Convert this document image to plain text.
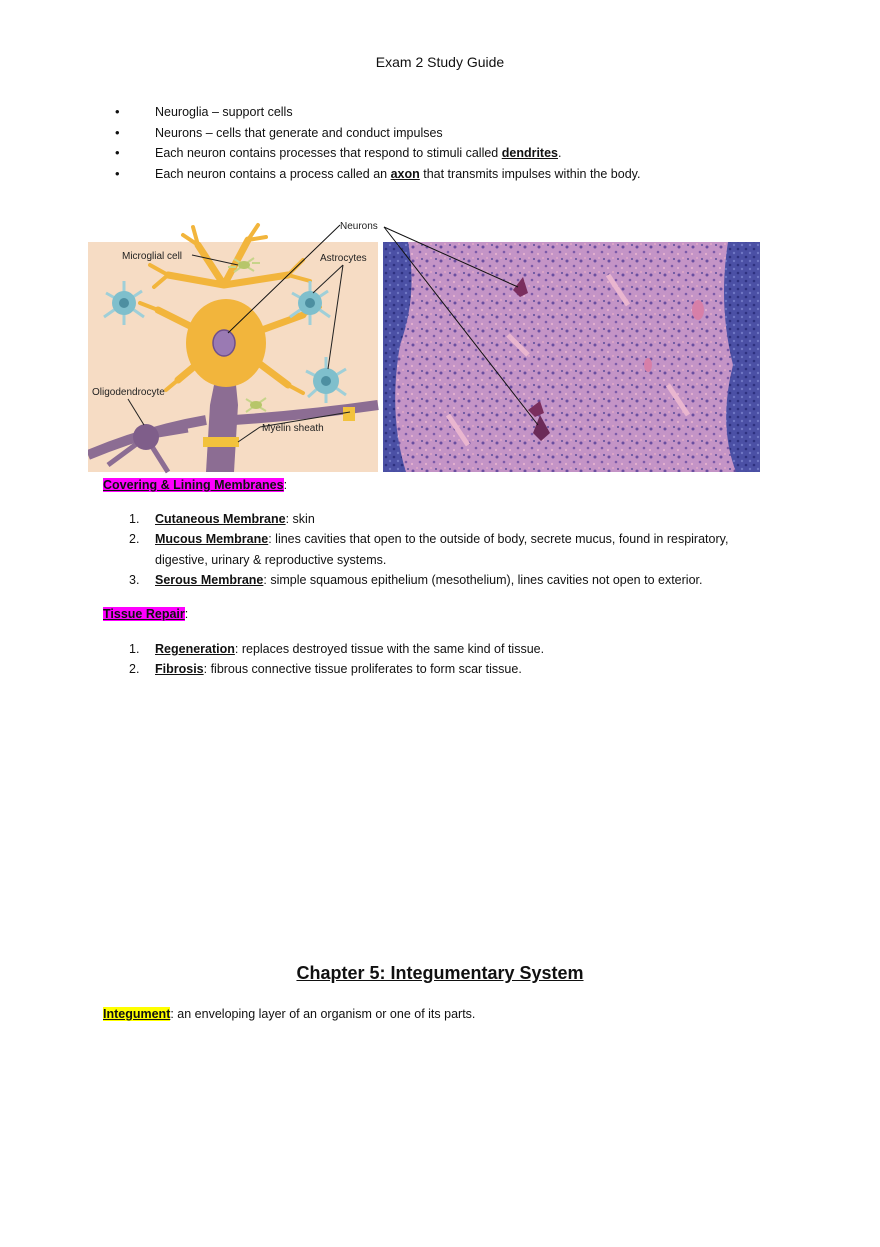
Exam 2 Study Guide
• Neuroglia – support cells
• Neurons – cells that generate and conduct impulses
• Each neuron contains processes that respond to stimuli called dendrites.
• Each neuron contains a process called an axon that transmits impulses within the body.
Microglial cell	Astrocytes
Oligodendrocyte
Myelin sheath
Neurons
Covering & Lining Membranes:
1. Cutaneous Membrane: skin
2. Mucous Membrane: lines cavities that open to the outside of body, secrete mucus, found in respiratory, digestive, urinary & reproductive systems.
3. Serous Membrane: simple squamous epithelium (mesothelium), lines cavities not open to exterior.
Tissue Repair:
1. Regeneration: replaces destroyed tissue with the same kind of tissue.
2. Fibrosis: fibrous connective tissue proliferates to form scar tissue.
Chapter 5: Integumentary System
Integument: an enveloping layer of an organism or one of its parts.
